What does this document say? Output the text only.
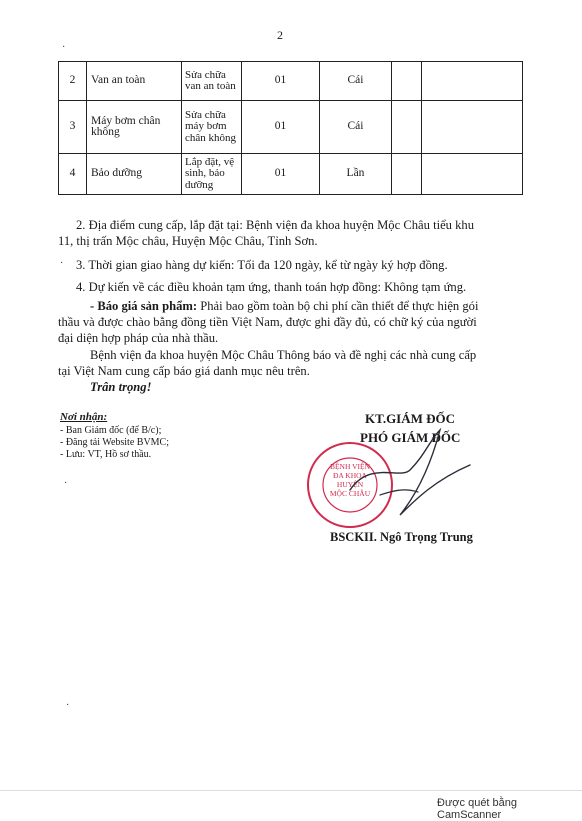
2
2	Van an toàn	Sửa chữa van an toàn	01	Cái		
3	Máy bơm chân không	Sửa chữa máy bơm chân không	01	Cái		
4	Bảo dưỡng	Lắp đặt, vệ sinh, bảo dưỡng	01	Lần		

2. Địa điểm cung cấp, lắp đặt tại: Bệnh viện đa khoa huyện Mộc Châu tiểu khu

11, thị trấn Mộc châu, Huyện Mộc Châu, Tỉnh Sơn.

3. Thời gian giao hàng dự kiến: Tối đa 120 ngày, kể từ ngày ký hợp đồng.

4. Dự kiến về các điều khoản tạm ứng, thanh toán hợp đồng: Không tạm ứng.

- Báo giá sản phẩm: Phải bao gồm toàn bộ chi phí cần thiết để thực hiện gói

thầu và được chào bằng đồng tiền Việt Nam, được ghi đầy đủ, có chữ ký của người

đại diện hợp pháp của nhà thầu.

Bệnh viện đa khoa huyện Mộc Châu Thông báo và đề nghị các nhà cung cấp

tại Việt Nam cung cấp báo giá danh mục nêu trên.

Trân trọng!

Nơi nhận:
- Ban Giám đốc (để B/c);
- Đăng tải Website BVMC;
- Lưu: VT, Hồ sơ thầu.
KT.GIÁM ĐỐC
PHÓ GIÁM ĐỐC
BỆNH VIỆN
ĐA KHOA
HUYỆN
MỘC CHÂU
BSCKII. Ngô Trọng Trung
·
·
·
·
Được quét bằng CamScanner
